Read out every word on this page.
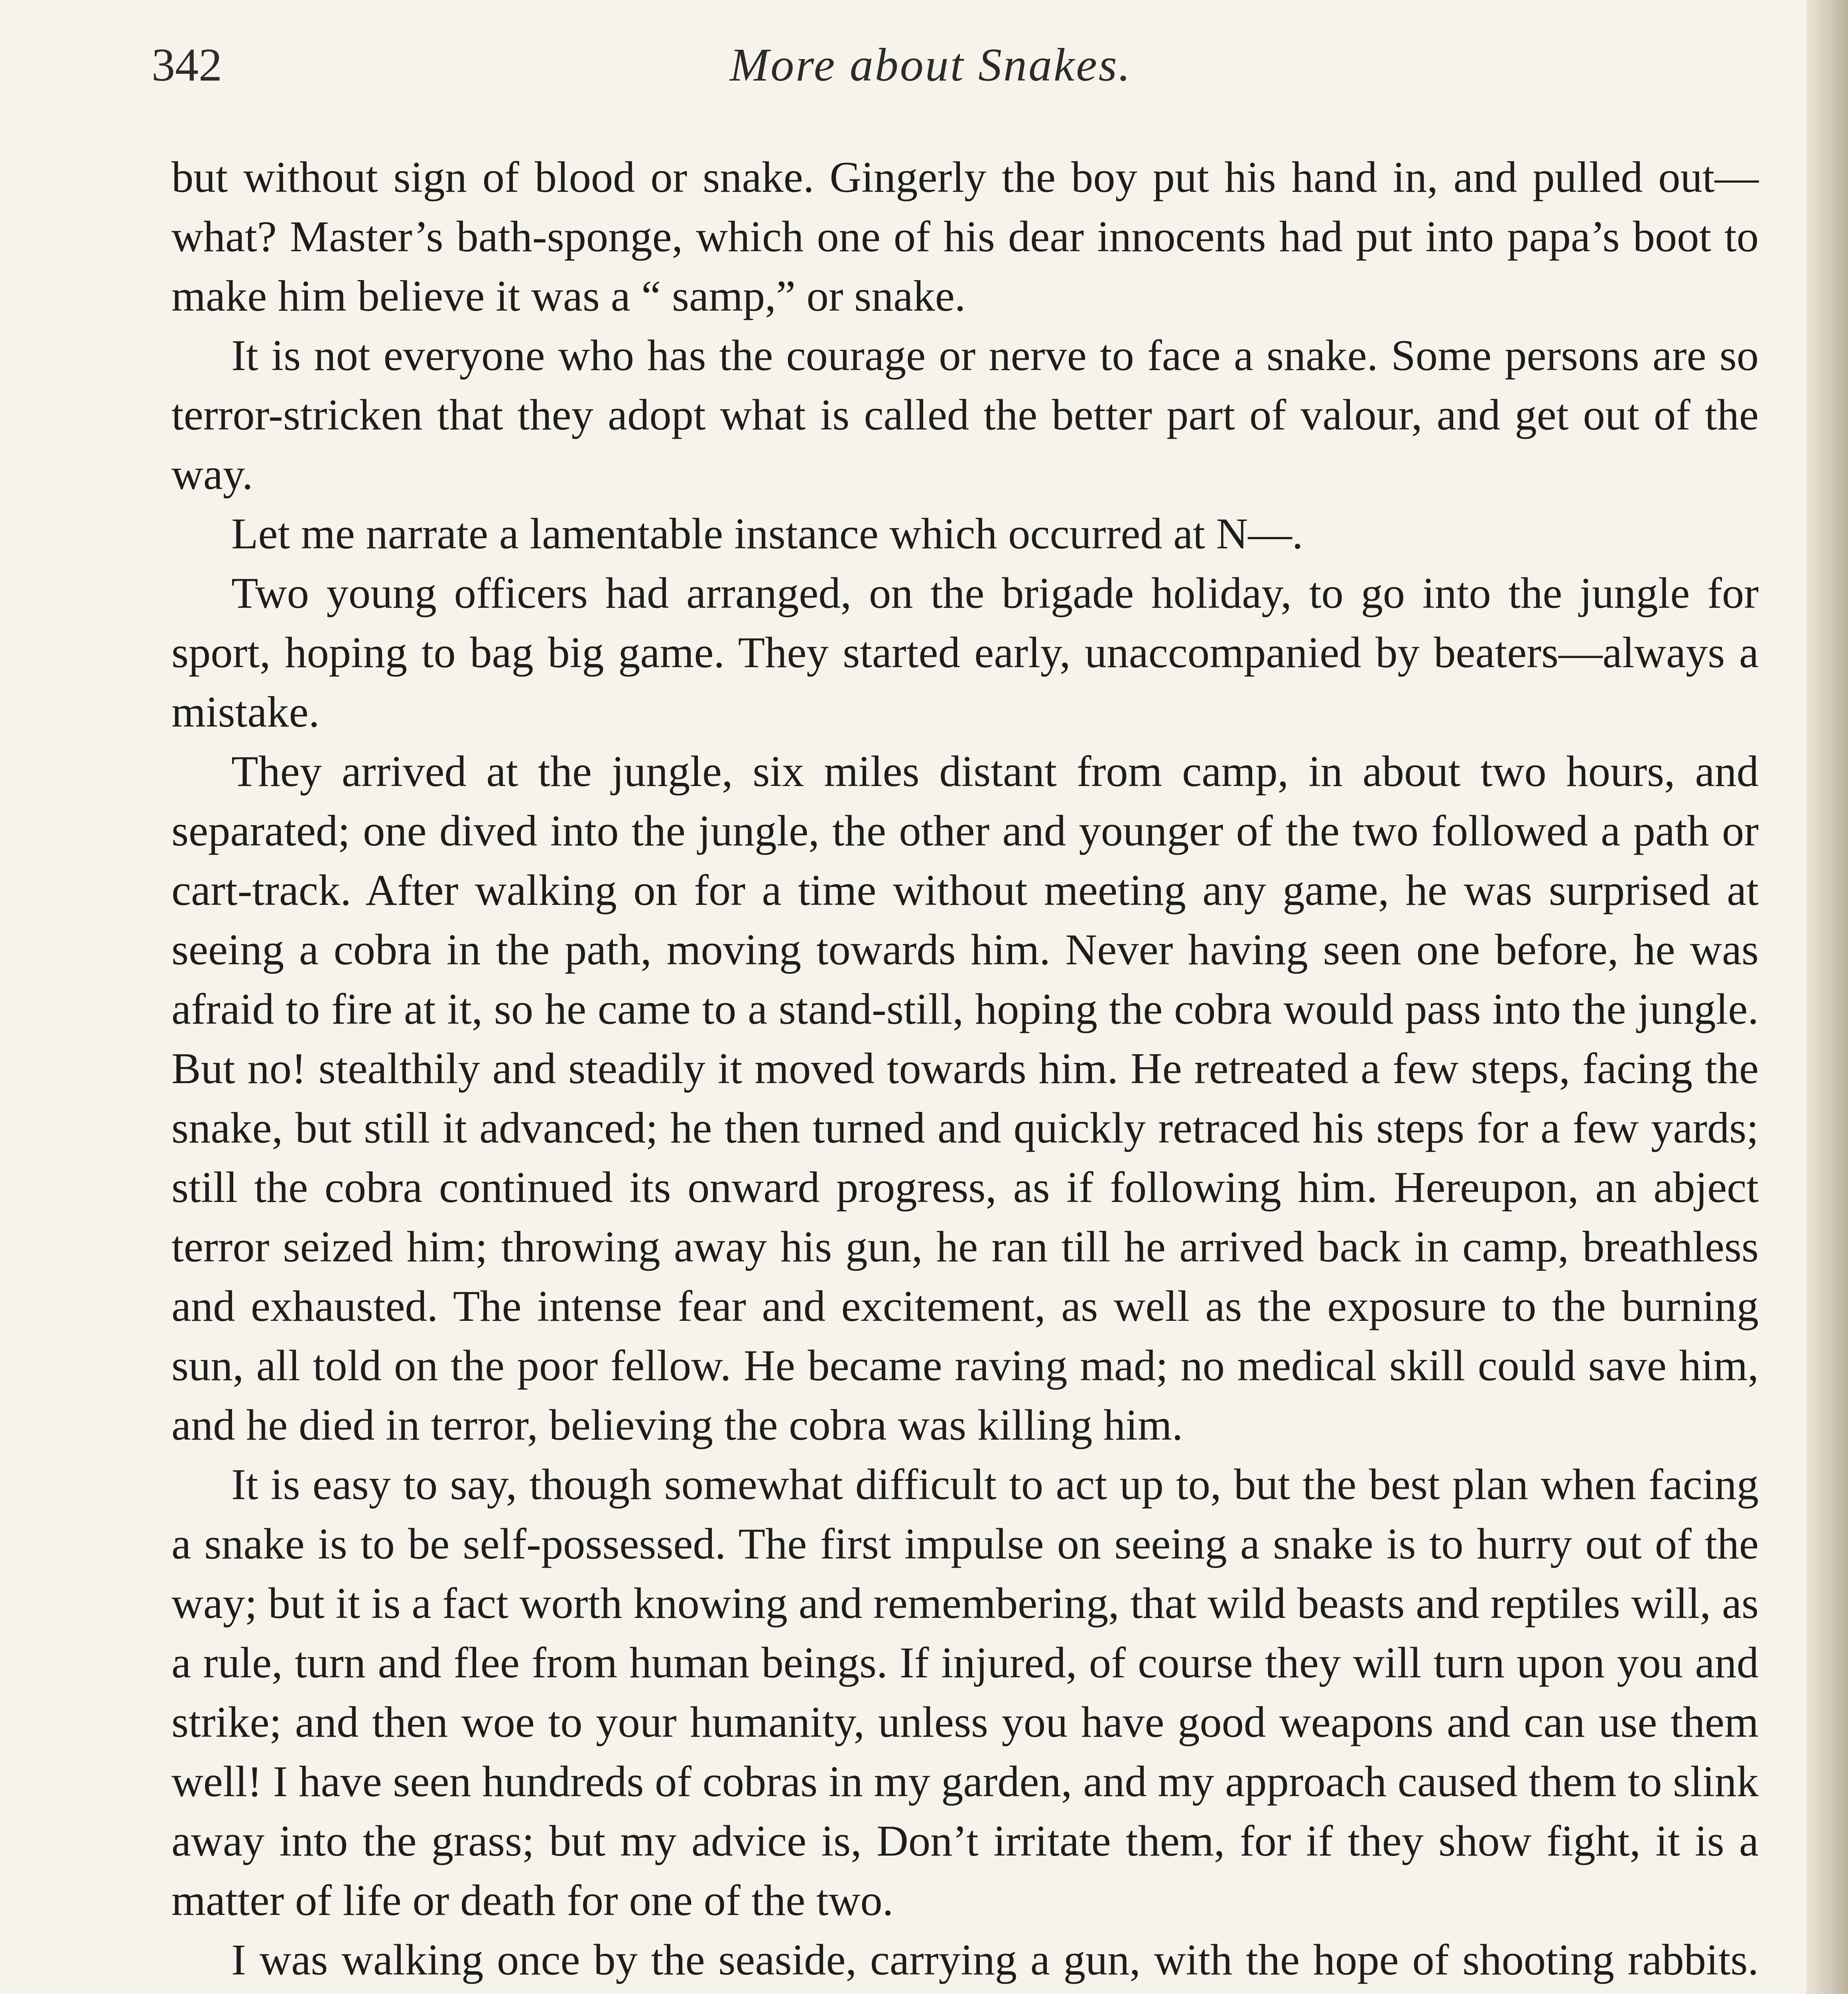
342	More about Snakes.

but without sign of blood or snake. Gingerly the boy put his hand in, and pulled out—what? Master’s bath-sponge, which one of his dear innocents had put into papa’s boot to make him believe it was a “ samp,” or snake.

It is not everyone who has the courage or nerve to face a snake. Some persons are so terror-stricken that they adopt what is called the better part of valour, and get out of the way.

Let me narrate a lamentable instance which occurred at N—.

Two young officers had arranged, on the brigade holiday, to go into the jungle for sport, hoping to bag big game. They started early, unaccompanied by beaters—always a mistake.

They arrived at the jungle, six miles distant from camp, in about two hours, and separated; one dived into the jungle, the other and younger of the two followed a path or cart-track. After walking on for a time without meeting any game, he was surprised at seeing a cobra in the path, moving towards him. Never having seen one before, he was afraid to fire at it, so he came to a stand-still, hoping the cobra would pass into the jungle. But no! stealthily and steadily it moved towards him. He retreated a few steps, facing the snake, but still it advanced; he then turned and quickly retraced his steps for a few yards; still the cobra continued its onward progress, as if following him. Hereupon, an abject terror seized him; throwing away his gun, he ran till he arrived back in camp, breathless and exhausted. The intense fear and excitement, as well as the exposure to the burning sun, all told on the poor fellow. He became raving mad; no medical skill could save him, and he died in terror, believing the cobra was killing him.

It is easy to say, though somewhat difficult to act up to, but the best plan when facing a snake is to be self-possessed. The first impulse on seeing a snake is to hurry out of the way; but it is a fact worth knowing and remembering, that wild beasts and reptiles will, as a rule, turn and flee from human beings. If injured, of course they will turn upon you and strike; and then woe to your humanity, unless you have good weapons and can use them well! I have seen hundreds of cobras in my garden, and my approach caused them to slink away into the grass; but my advice is, Don’t irritate them, for if they show fight, it is a matter of life or death for one of the two.

I was walking once by the seaside, carrying a gun, with the hope of shooting rabbits.
